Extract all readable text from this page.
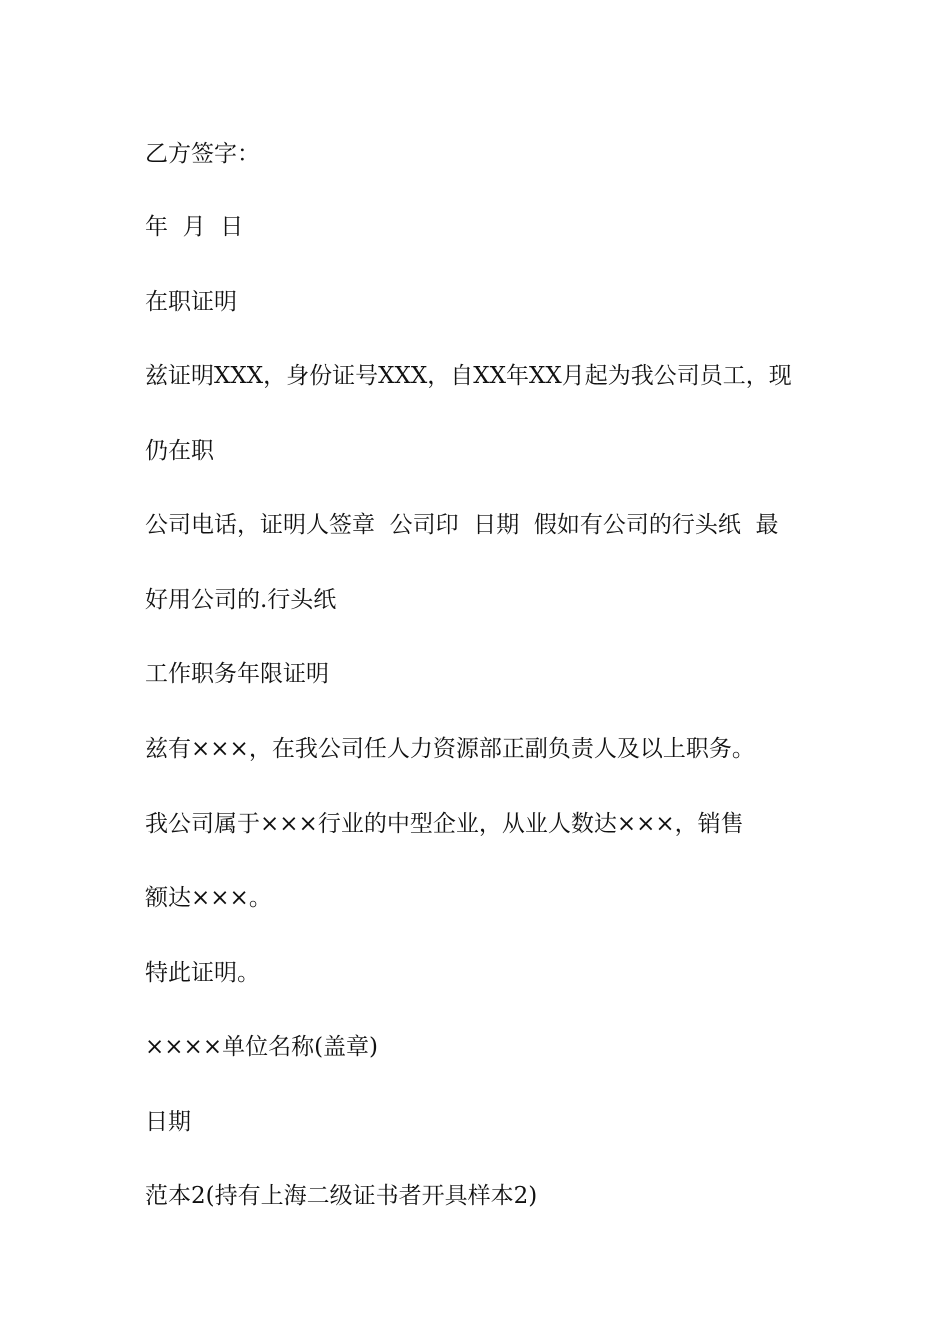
乙方签字：

年  月  日

在职证明

兹证明XXX，身份证号XXX，自XX年XX月起为我公司员工，现

仍在职

公司电话，证明人签章  公司印  日期  假如有公司的行头纸  最

好用公司的.行头纸

工作职务年限证明

兹有×××，在我公司任人力资源部正副负责人及以上职务。

我公司属于×××行业的中型企业，从业人数达×××，销售

额达×××。

特此证明。

××××单位名称(盖章)

日期

范本2(持有上海二级证书者开具样本2)
